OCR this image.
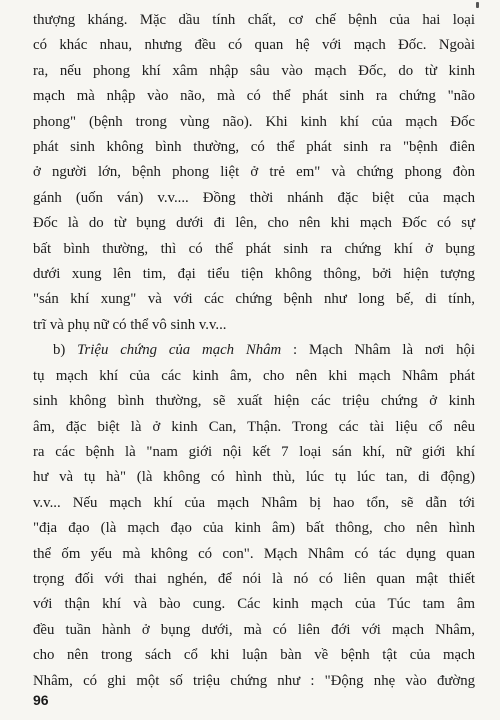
thượng kháng. Mặc dầu tính chất, cơ chế bệnh của hai loại
có khác nhau, nhưng đều có quan hệ với mạch Đốc. Ngoài
ra, nếu phong khí xâm nhập sâu vào mạch Đốc, do từ kinh
mạch mà nhập vào não, mà có thể phát sinh ra chứng "não
phong" (bệnh trong vùng não). Khi kinh khí của mạch Đốc
phát sinh không bình thường, có thể phát sinh ra "bệnh điên
ở người lớn, bệnh phong liệt ở trẻ em" và chứng phong đòn
gánh (uốn ván) v.v.... Đồng thời nhánh đặc biệt của mạch
Đốc là do từ bụng dưới đi lên, cho nên khi mạch Đốc có sự
bất bình thường, thì có thể phát sinh ra chứng khí ở bụng
dưới xung lên tim, đại tiểu tiện không thông, bởi hiện tượng
"sán khí xung" và với các chứng bệnh như long bế, di tính,
trĩ và phụ nữ có thể vô sinh v.v...
b) Triệu chứng của mạch Nhâm : Mạch Nhâm là nơi hội
tụ mạch khí của các kinh âm, cho nên khi mạch Nhâm phát
sinh không bình thường, sẽ xuất hiện các triệu chứng ở kinh
âm, đặc biệt là ở kinh Can, Thận. Trong các tài liệu cổ nêu
ra các bệnh là "nam giới nội kết 7 loại sán khí, nữ giới khí
hư và tụ hà" (là không có hình thù, lúc tụ lúc tan, di động)
v.v... Nếu mạch khí của mạch Nhâm bị hao tổn, sẽ dẫn tới
"địa đạo (là mạch đạo của kinh âm) bất thông, cho nên hình
thể ốm yếu mà không có con". Mạch Nhâm có tác dụng quan
trọng đối với thai nghén, để nói là nó có liên quan mật thiết
với thận khí và bào cung. Các kinh mạch của Túc tam âm
đều tuần hành ở bụng dưới, mà có liên đới với mạch Nhâm,
cho nên trong sách cổ khi luận bàn về bệnh tật của mạch
Nhâm, có ghi một số triệu chứng như : "Động nhẹ vào đường
96
